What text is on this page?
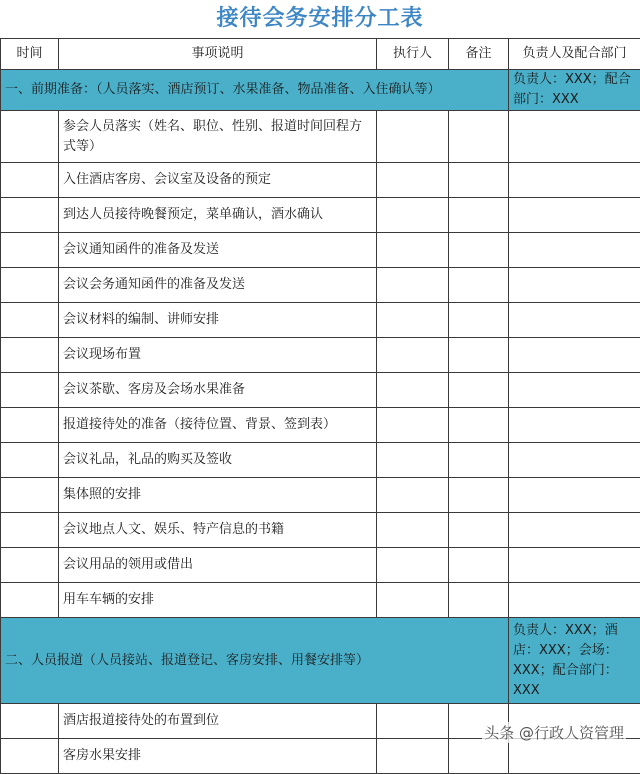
接待会务安排分工表
时间	事项说明	执行人	备注	负责人及配合部门
一、前期准备：（人员落实、酒店预订、水果准备、物品准备、入住确认等）				负责人：XXX；配合部门：XXX
	参会人员落实（姓名、职位、性别、报道时间回程方式等）			
	入住酒店客房、会议室及设备的预定			
	到达人员接待晚餐预定，菜单确认，酒水确认			
	会议通知函件的准备及发送			
	会议会务通知函件的准备及发送			
	会议材料的编制、讲师安排			
	会议现场布置			
	会议茶歇、客房及会场水果准备			
	报道接待处的准备（接待位置、背景、签到表）			
	会议礼品，礼品的购买及签收			
	集体照的安排			
	会议地点人文、娱乐、特产信息的书籍			
	会议用品的领用或借出			
	用车车辆的安排			
二、人员报道（人员接站、报道登记、客房安排、用餐安排等）				负责人：XXX；酒店：XXX；会场：XXX；配合部门：XXX
	酒店报道接待处的布置到位			
	客房水果安排			
头条 @行政人资管理
